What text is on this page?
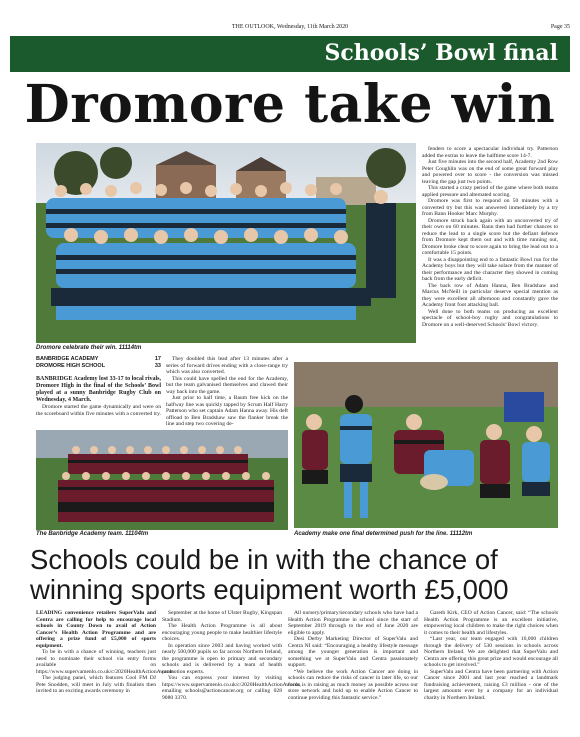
THE OUTLOOK, Wednesday, 11th March 2020	Page 35
Schools’ Bowl final
Dromore take win
Dromore celebrate their win. 11114tm

fenders to score a spectacular individual try. Patterson added the extras to leave the halftime score 14-7.

Just five minutes into the second half, Academy 2nd Row Peter Coughlin was on the end of some great forward play and powered over to score - the conversion was missed leaving the gap just two points.

This started a crazy period of the game where both teams applied pressure and alternated scoring.

Dromore was first to respond on 50 minutes with a converted try but this was answered immediately by a try from Bann Hooker Marc Murphy.

Dromore struck back again with an unconverted try of their own on 60 minutes. Bann then had further chances to reduce the lead to a single score but the defiant defence from Dromore kept them out and with time running out, Dromore broke clear to score again to bring the lead out to a comfortable 15 points.

It was a disappointing end to a fantastic Bowl run for the Academy boys but they will take solace from the manner of their performance and the character they showed in coming back from the early deficit.

The back row of Adam Hanna, Ben Bradshaw and Marcus McNeill in particular deserve special mention as they were excellent all afternoon and constantly gave the Academy front foot attacking ball.

Well done to both teams on producing an excellent spectacle of school-boy rugby and congratulations to Dromore on a well-deserved Schools’ Bowl victory.

BANBRIDGE ACADEMY	17
DROMORE HIGH SCHOOL	33

BANBRIDGE Academy lost 33-17 to local rivals, Dromore High in the final of the Schools’ Bowl played at a sunny Banbridge Rugby Club on Wednesday, 4 March.

Dromore started the game dynamically and were on the scoreboard within five minutes with a converted try.

They doubled this lead after 13 minutes after a series of forward drives ending with a close-range try which was also converted.

This could have spelled the end for the Academy, but the team galvanised themselves and clawed their way back into the game.

Just prior to half time, a Baum free kick on the halfway line was quickly tapped by Scrum Half Harry Patterson who set captain Adam Hanna away. His deft offload to Ben Bradshaw saw the flanker break the line and step two covering de-

The Banbridge Academy team. 11104tm	Academy make one final determined push for the line. 11112tm
Schools could be in with the chance of winning sports equipment worth £5,000

LEADING convenience retailers SuperValu and Centra are calling for help to encourage local schools in County Down to avail of Action Cancer’s Health Action Programme and are offering a prize fund of £5,000 of sports equipment.

To be in with a chance of winning, teachers just need to nominate their school via entry forms available on https://www.supervamenlo.co.uk/c/2020HealthActionAwards

The judging panel, which features Cool FM DJ Pete Snodden, will meet in July with finalists then invited to an exciting awards ceremony in

September at the home of Ulster Rugby, Kingspan Stadium.

The Health Action Programme is all about encouraging young people to make healthier lifestyle choices.

In operation since 2003 and having worked with nearly 500,000 pupils so far across Northern Ireland, the programme is open to primary and secondary schools and is delivered by a team of health promotion experts.

You can express your interest by visiting https://www.supervamenlo.co.uk/c/2020HealthActionAwards, emailing schools@actioncancer.org or calling 028 9080 3370.

All nursery/primary/secondary schools who have had a Health Action Programme in school since the start of September 2019 through to the end of June 2020 are eligible to apply.

Desi Derby Marketing Director of SuperValu and Centra NI said: “Encouraging a healthy lifestyle message among the younger generation is important and something we at SuperValu and Centra passionately support.

“We believe the work Action Cancer are doing in schools can reduce the risks of cancer in later life, so our focus is in raising as much money as possible across our store network and hold up to enable Action Cancer to continue providing this fantastic service.”

Gareth Kirk, CEO of Action Cancer, said: “The schools Health Action Programme is an excellent initiative, empowering local children to make the right choices when it comes to their health and lifestyles.

“Last year, our team engaged with 16,000 children through the delivery of 530 sessions in schools across Northern Ireland. We are delighted that SuperValu and Centra are offering this great prize and would encourage all schools to get involved.”

SuperValu and Centra have been partnering with Action Cancer since 2001 and last year reached a landmark fundraising achievement, raising £3 million - one of the largest amounts ever by a company for an individual charity in Northern Ireland.
